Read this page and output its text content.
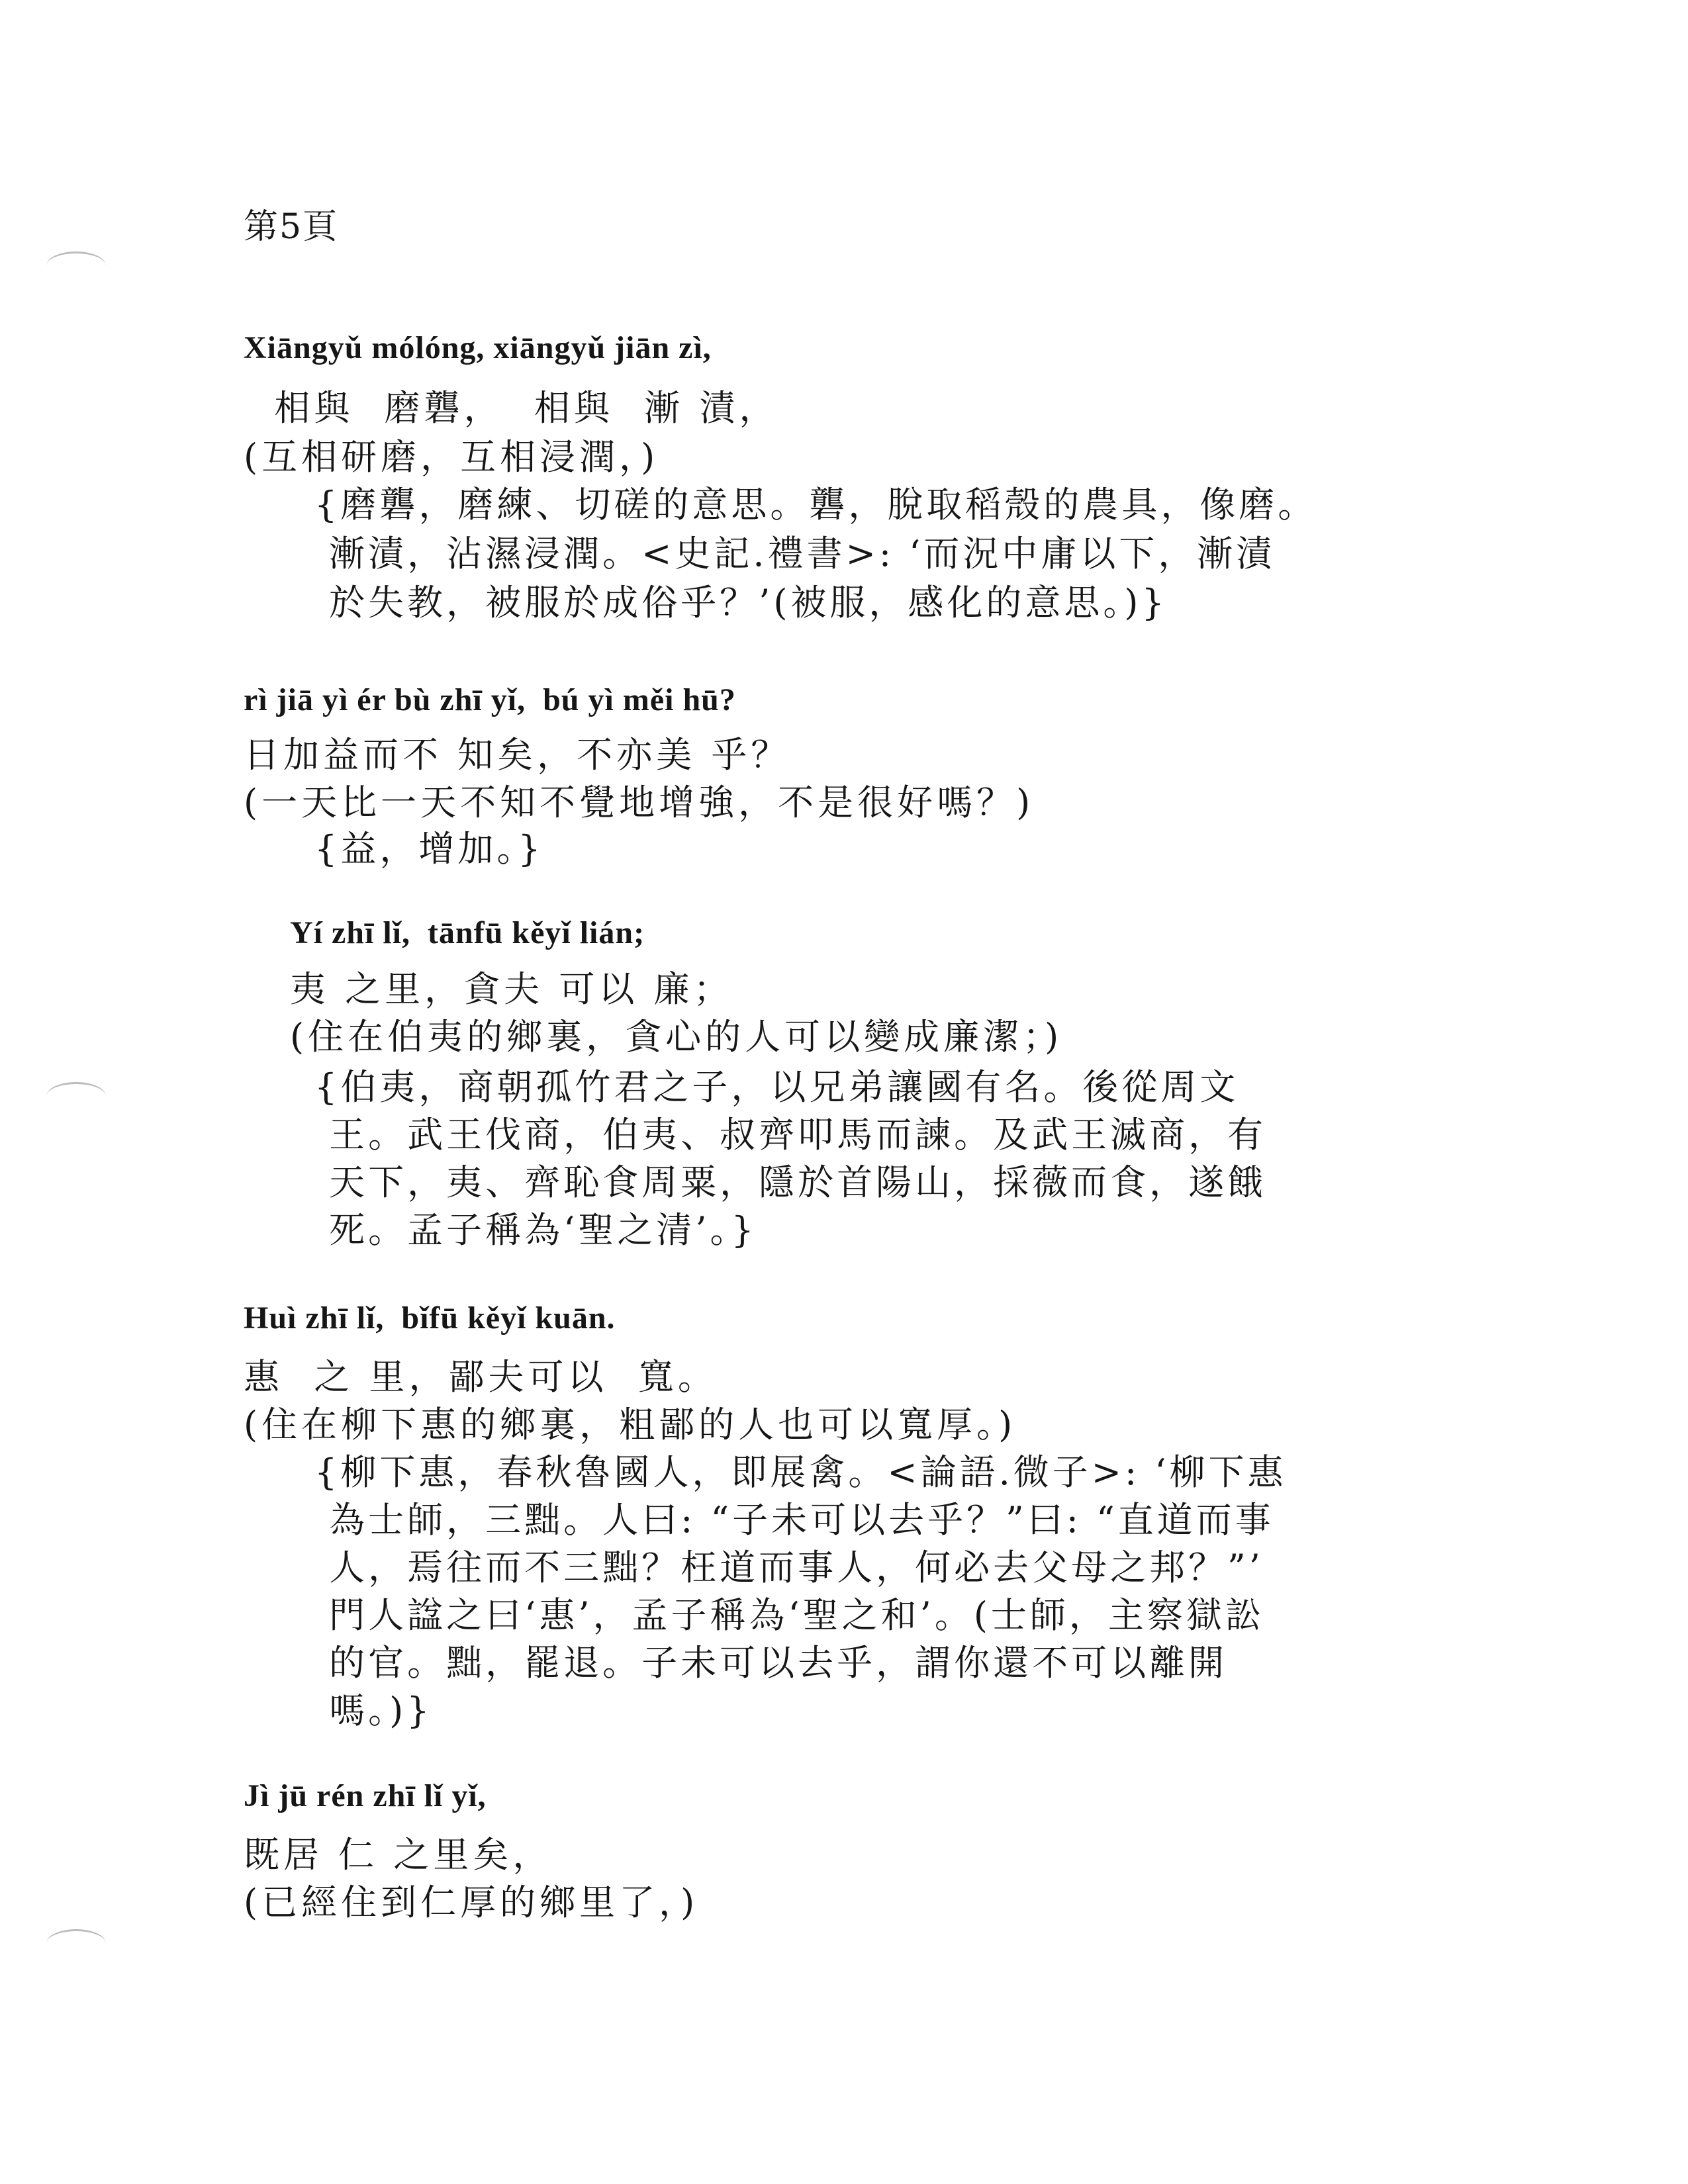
第5頁
Xiāngyǔ mólóng, xiāngyǔ jiān zì,
相與  磨礱，  相與  漸 漬，
(互相研磨，互相浸潤，)
{磨礱，磨練、切磋的意思。礱，脫取稻殼的農具，像磨。
漸漬，沾濕浸潤。<史記.禮書>: ‘而況中庸以下，漸漬
於失教，被服於成俗乎？’(被服，感化的意思。)}
rì jiā yì ér bù zhī yǐ,  bú yì měi hū?
日加益而不 知矣，不亦美 乎？
(一天比一天不知不覺地增強，不是很好嗎？)
{益，增加。}
Yí zhī lǐ,  tānfū kěyǐ lián;
夷 之里，貪夫 可以 廉；
(住在伯夷的鄉裏，貪心的人可以變成廉潔；)
{伯夷，商朝孤竹君之子，以兄弟讓國有名。後從周文
王。武王伐商，伯夷、叔齊叩馬而諫。及武王滅商，有
天下，夷、齊恥食周粟，隱於首陽山，採薇而食，遂餓
死。孟子稱為‘聖之清’。}
Huì zhī lǐ,  bǐfū kěyǐ kuān.
惠  之 里，鄙夫可以  寬。
(住在柳下惠的鄉裏，粗鄙的人也可以寬厚。)
{柳下惠，春秋魯國人，即展禽。<論語.微子>: ‘柳下惠
為士師，三黜。人曰: “子未可以去乎？”曰: “直道而事
人，焉往而不三黜？枉道而事人，何必去父母之邦？”’
門人諡之曰‘惠’，孟子稱為‘聖之和’。(士師，主察獄訟
的官。黜，罷退。子未可以去乎，謂你還不可以離開
嗎。)}
Jì jū rén zhī lǐ yǐ,
既居 仁 之里矣，
(已經住到仁厚的鄉里了，)
